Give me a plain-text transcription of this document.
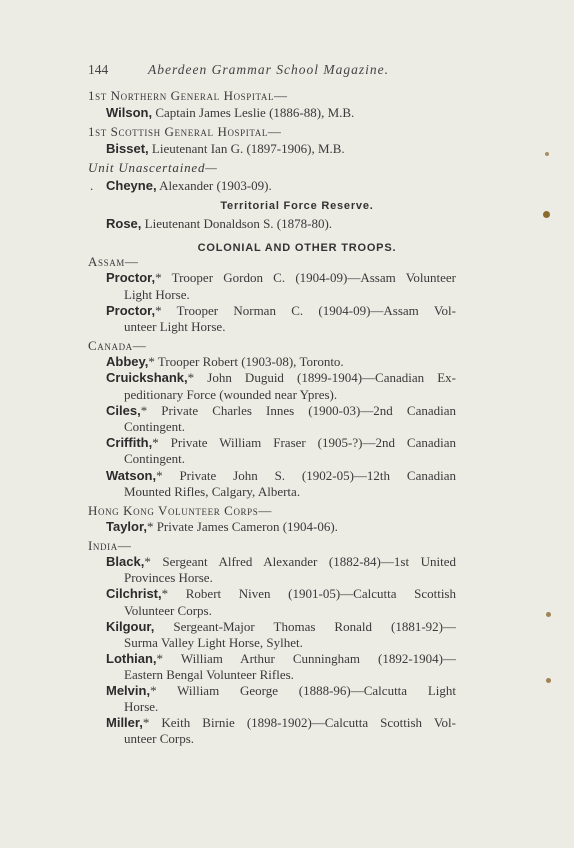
144	Aberdeen Grammar School Magazine.
1st Northern General Hospital—
Wilson, Captain James Leslie (1886-88), M.B.
1st Scottish General Hospital—
Bisset, Lieutenant Ian G. (1897-1906), M.B.
Unit Unascertained—
. Cheyne, Alexander (1903-09).
Territorial Force Reserve.
Rose, Lieutenant Donaldson S. (1878-80).
COLONIAL AND OTHER TROOPS.
Assam—
Proctor,* Trooper Gordon C. (1904-09)—Assam Volunteer
Light Horse.
Proctor,* Trooper Norman C. (1904-09)—Assam Vol-
unteer Light Horse.
Canada—
Abbey,* Trooper Robert (1903-08), Toronto.
Cruickshank,* John Duguid (1899-1904)—Canadian Ex-
peditionary Force (wounded near Ypres).
Ciles,* Private Charles Innes (1900-03)—2nd Canadian
Contingent.
Criffith,* Private William Fraser (1905-?)—2nd Canadian
Contingent.
Watson,* Private John S. (1902-05)—12th Canadian
Mounted Rifles, Calgary, Alberta.
Hong Kong Volunteer Corps—
Taylor,* Private James Cameron (1904-06).
India—
Black,* Sergeant Alfred Alexander (1882-84)—1st United
Provinces Horse.
Cilchrist,* Robert Niven (1901-05)—Calcutta Scottish
Volunteer Corps.
Kilgour, Sergeant-Major Thomas Ronald (1881-92)—
Surma Valley Light Horse, Sylhet.
Lothian,* William Arthur Cunningham (1892-1904)—
Eastern Bengal Volunteer Rifles.
Melvin,* William George (1888-96)—Calcutta Light
Horse.
Miller,* Keith Birnie (1898-1902)—Calcutta Scottish Vol-
unteer Corps.
